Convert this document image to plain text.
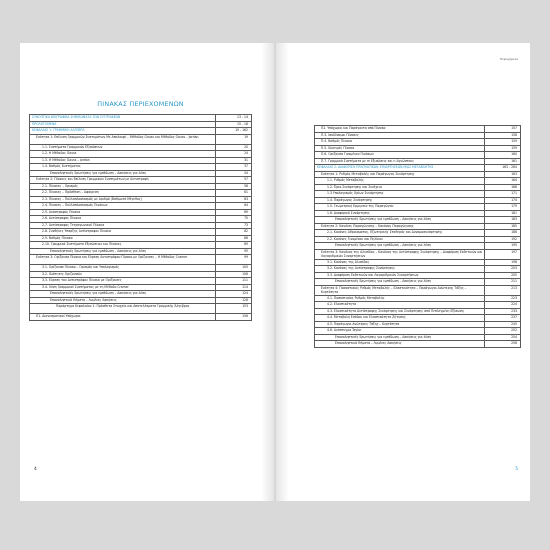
ΠΙΝΑΚΑΣ ΠΕΡΙΕΧΟΜΕΝΩΝ
ΣΥΝΟΠΤΙΚΑ ΒΙΟΓΡΑΦΙΚΑ ΣΗΜΕΙΩΜΑΤΑ ΤΩΝ ΣΥΓΓΡΑΦΕΩΝ	13 - 14
ΠΡΟΛΟΓΟΜΕΝΑ	15 - 18
ΚΕΦΑΛΑΙΟ 1: ΓΡΑΜΜΙΚΗ ΑΛΓΕΒΡΑ	19 - 162
Ενότητα 1: Επίλυση Γραμμικών Συστημάτων Με Απαλοιφή – Μέθοδος Gauss και Μέθοδος Gauss – Jordan	19
1.1. Συστήματα Γραμμικών Εξισώσεων	20
1.2. Η Μέθοδος Gauss	24
1.3. Η Μέθοδος Gauss – Jordan	31
1.4. Βαθμός Συστήματος	37
Επαναληπτικές Ερωτήσεις για εμπέδωση – Ασκήσεις για λύση	54
Ενότητα 2: Πίνακες και Επίλυση Γραμμικών Συστημάτων με Αντιστροφή	57
2.1. Πίνακες – Ορισμός	58
2.2. Πίνακες – Πρόσθεση – Αφαίρεση	61
2.3. Πίνακες – Πολλαπλασιασμός με Αριθμό (Βαθμωτό Μέγεθος)	63
2.4. Πίνακες – Πολλαπλασιασμός Πινάκων	64
2.5. Ανάστροφος Πίνακα	69
2.6. Αντίστροφος Πίνακα	70
2.7. Αντίστροφος Τετραγωνικού Πίνακα	73
2.8. Συνθήκες Υπαρξης Αντίστροφου Πίνακα	82
2.9. Βαθμός Πίνακα	86
2.10. Γραμμικά Συστήματα Εξισώσεων και Πίνακες	89
Επαναληπτικές Ερωτήσεις για εμπέδωση – Ασκήσεις για λύση	95
Ενότητα 3: Ορίζουσα Πίνακα και Εύρεση Αντιστρόφου Πίνακα με Ορίζουσες – Η Μέθοδος Cramer	99
3.1. Ορίζουσα Πίνακα – Ορισμός και Υπολογισμός	100
3.2. Ιδιότητες Οριζουσών	106
3.3. Εύρεση του Αντιστρόφου Πίνακα με Ορίζουσες	111
3.4. Λύση Γραμμικού Συστήματος με τη Μέθοδο Cramer	114
Επαναληπτικές Ερωτήσεις για εμπέδωση – Ασκήσεις για λύση	124
Επαναληπτικά Θέματα – Λυμένες Ασκήσεις	128
Παράρτημα Κεφαλαίου 1: Πρόσθετα Στοιχεία και Αποτελέσματα Γραμμικής Άλγεβρας	153
Π1. Διανυσματικοί Υπόχωροι	156
4
Περιεχόμενα
Π2. Υπόχωροι και Παράγοντα από Πίνακα	157
Π.3. Ισοδύναμοι Πίνακες	158
Π.4. Βαθμός Πίνακα	159
Π.5. Ιδιοτιμές Πίνακα	159
Π.6. Ορίζουσα Γινομένου Πινάκων	160
Π.7. Γραμμικά Συστήματα με m Εξισώσεις και n Αγνώστους	161
ΚΕΦΑΛΑΙΟ 2: ΔΙΑΦΟΡΙΣΗ ΠΡΑΓΜΑΤΙΚΩΝ ΣΥΝΑΡΤΗΣΕΩΝ ΜΙΑΣ ΜΕΤΑΒΛΗΤΗΣ	163 - 264
Ενότητα 1: Ρυθμός Μεταβολής και Παράγωγος Συνάρτησης	163
1.1. Ρυθμός Μεταβολής	164
1.2. Όριο Συνάρτησης και Συνέχεια	168
1.3 Υπολογισμός Ορίων Συνάρτησης	171
1.4. Παράγωγος Συνάρτησης	174
1.5. Γεωμετρική Ερμηνεία της Παραγώγου	179
1.6. Διαφορικό Συνάρτησης	181
Επαναληπτικές Ερωτήσεις για εμπέδωση – Ασκήσεις για λύση	183
Ενότητα 2: Κανόνες Παραγώγισης – Κανόνας Παραγώγισης	185
2.1. Κανόνες Αθροίσματος, Εξωτερικής Σταθεράς και Δυναμοσυνάρτησης	186
2.2. Κανόνες Γινομένου και Πηλίκου	192
Επαναληπτικές Ερωτήσεις για εμπέδωση – Ασκήσεις για λύση	195
Ενότητα 3: Κανόνας της Αλυσίδας – Κανόνας της Αντίστροφης Συνάρτησης – Διαφόριση Εκθετικών και Λογαριθμικών Συναρτήσεων	197
3.1. Κανόνας της Αλυσίδας	198
3.2. Κανόνας της Αντίστροφης Συνάρτησης	203
3.3. Διαφόριση Εκθετικών και Λογαριθμικών Συναρτήσεων	205
Επαναληπτικές Ερωτήσεις για εμπέδωση – Ασκήσεις για λύση	211
Ενότητα 4: Ποσοστιαίος Ρυθμός Μεταβολής – Ελαστικότητα – Παράγωγοι Ανώτερης Τάξης – Κυρτότητα	213
4.1. Ποσοστιαίος Ρυθμός Μεταβολής	223
4.2. Ελαστικότητα	224
4.3. Ελαστικότητα Αντίστροφης Συνάρτησης και Συνάρτησης από Πεπλεγμένη Εξίσωση	233
4.4. Μεταβολή Εσόδου και Ελαστικότητα Ζήτησης	237
4.5. Παράγωγοι Ανώτερης Τάξης – Κυρτότητα	245
4.6. Ανάπτυγμα Taylor	252
Επαναληπτικές Ερωτήσεις για εμπέδωση – Ασκήσεις για λύση	254
Επαναληπτικά Θέματα – Λυμένες Ασκήσεις	258
5
